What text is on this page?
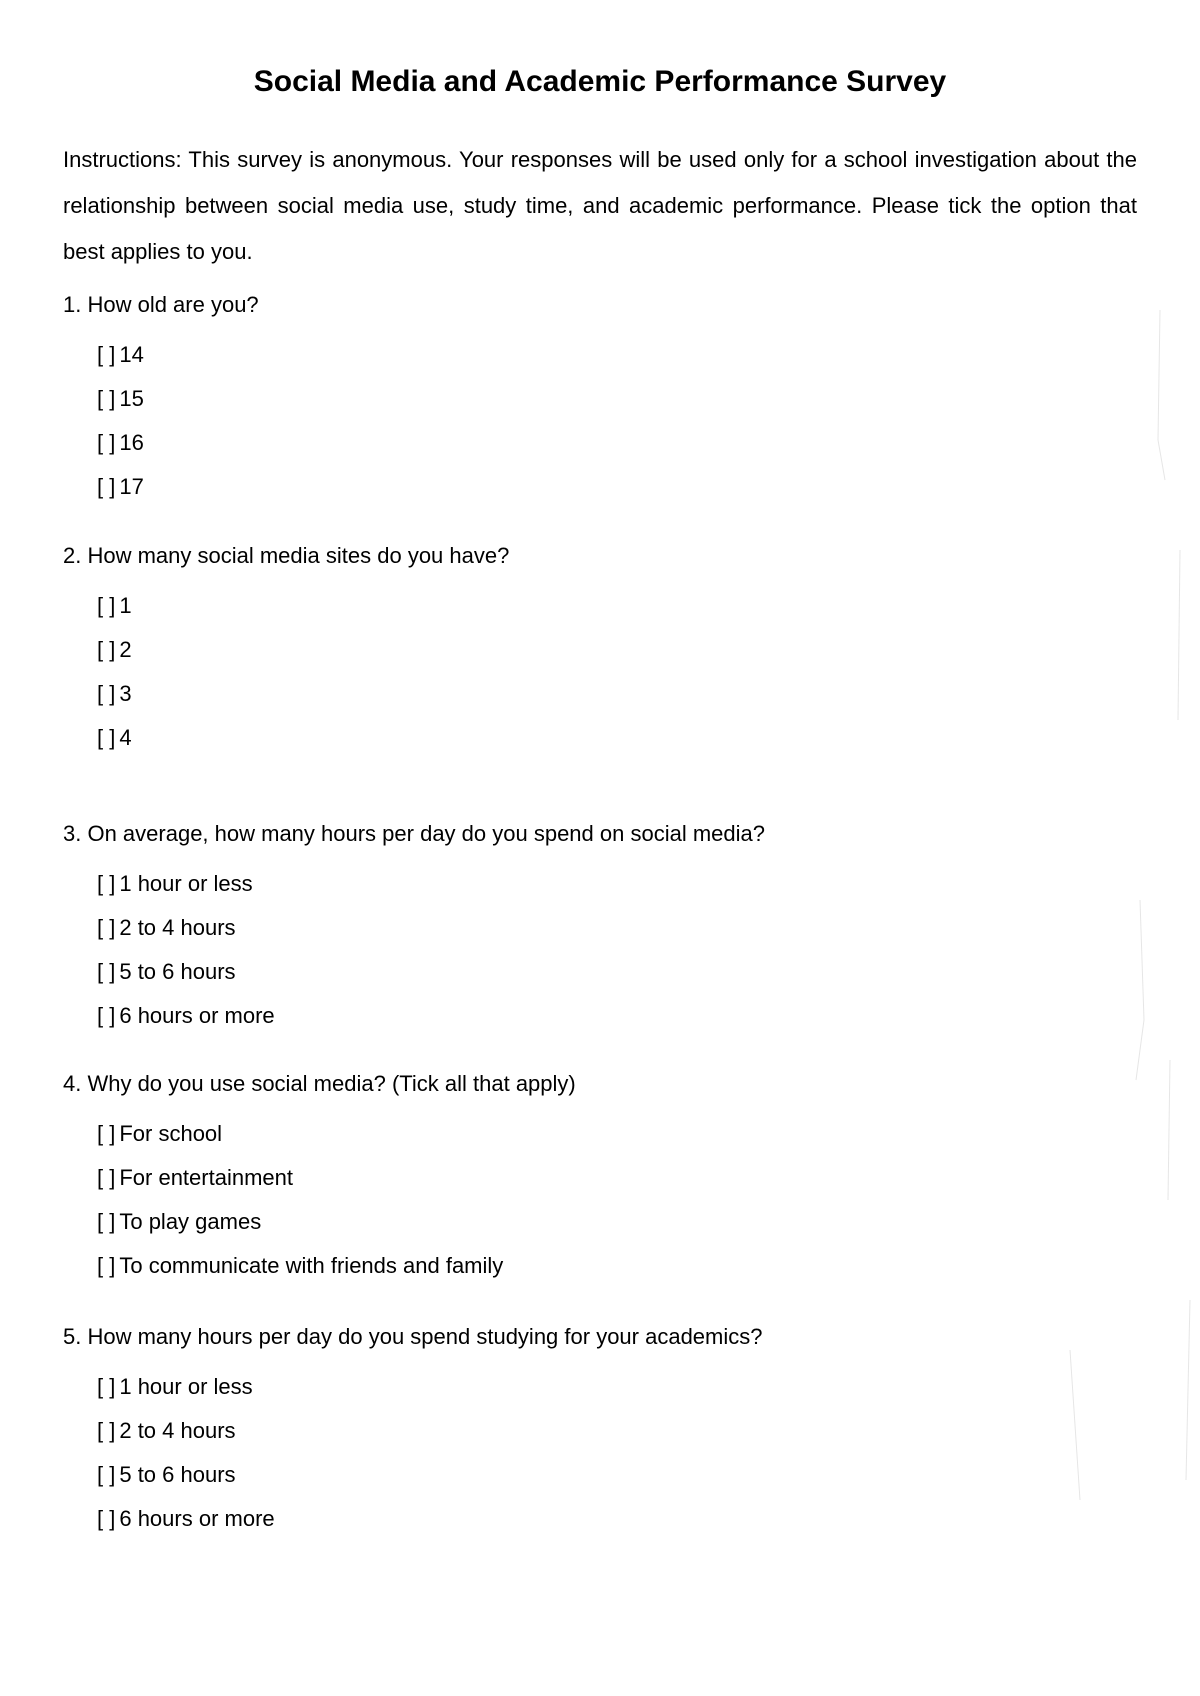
Social Media and Academic Performance Survey

Instructions: This survey is anonymous. Your responses will be used only for a school investigation about the relationship between social media use, study time, and academic performance. Please tick the option that best applies to you.

1. How old are you?

[ ] 14
[ ] 15
[ ] 16
[ ] 17

2. How many social media sites do you have?

[ ] 1
[ ] 2
[ ] 3
[ ] 4

3. On average, how many hours per day do you spend on social media?

[ ] 1 hour or less
[ ] 2 to 4 hours
[ ] 5 to 6 hours
[ ] 6 hours or more

4. Why do you use social media? (Tick all that apply)

[ ] For school
[ ] For entertainment
[ ] To play games
[ ] To communicate with friends and family

5. How many hours per day do you spend studying for your academics?

[ ] 1 hour or less
[ ] 2 to 4 hours
[ ] 5 to 6 hours
[ ] 6 hours or more
